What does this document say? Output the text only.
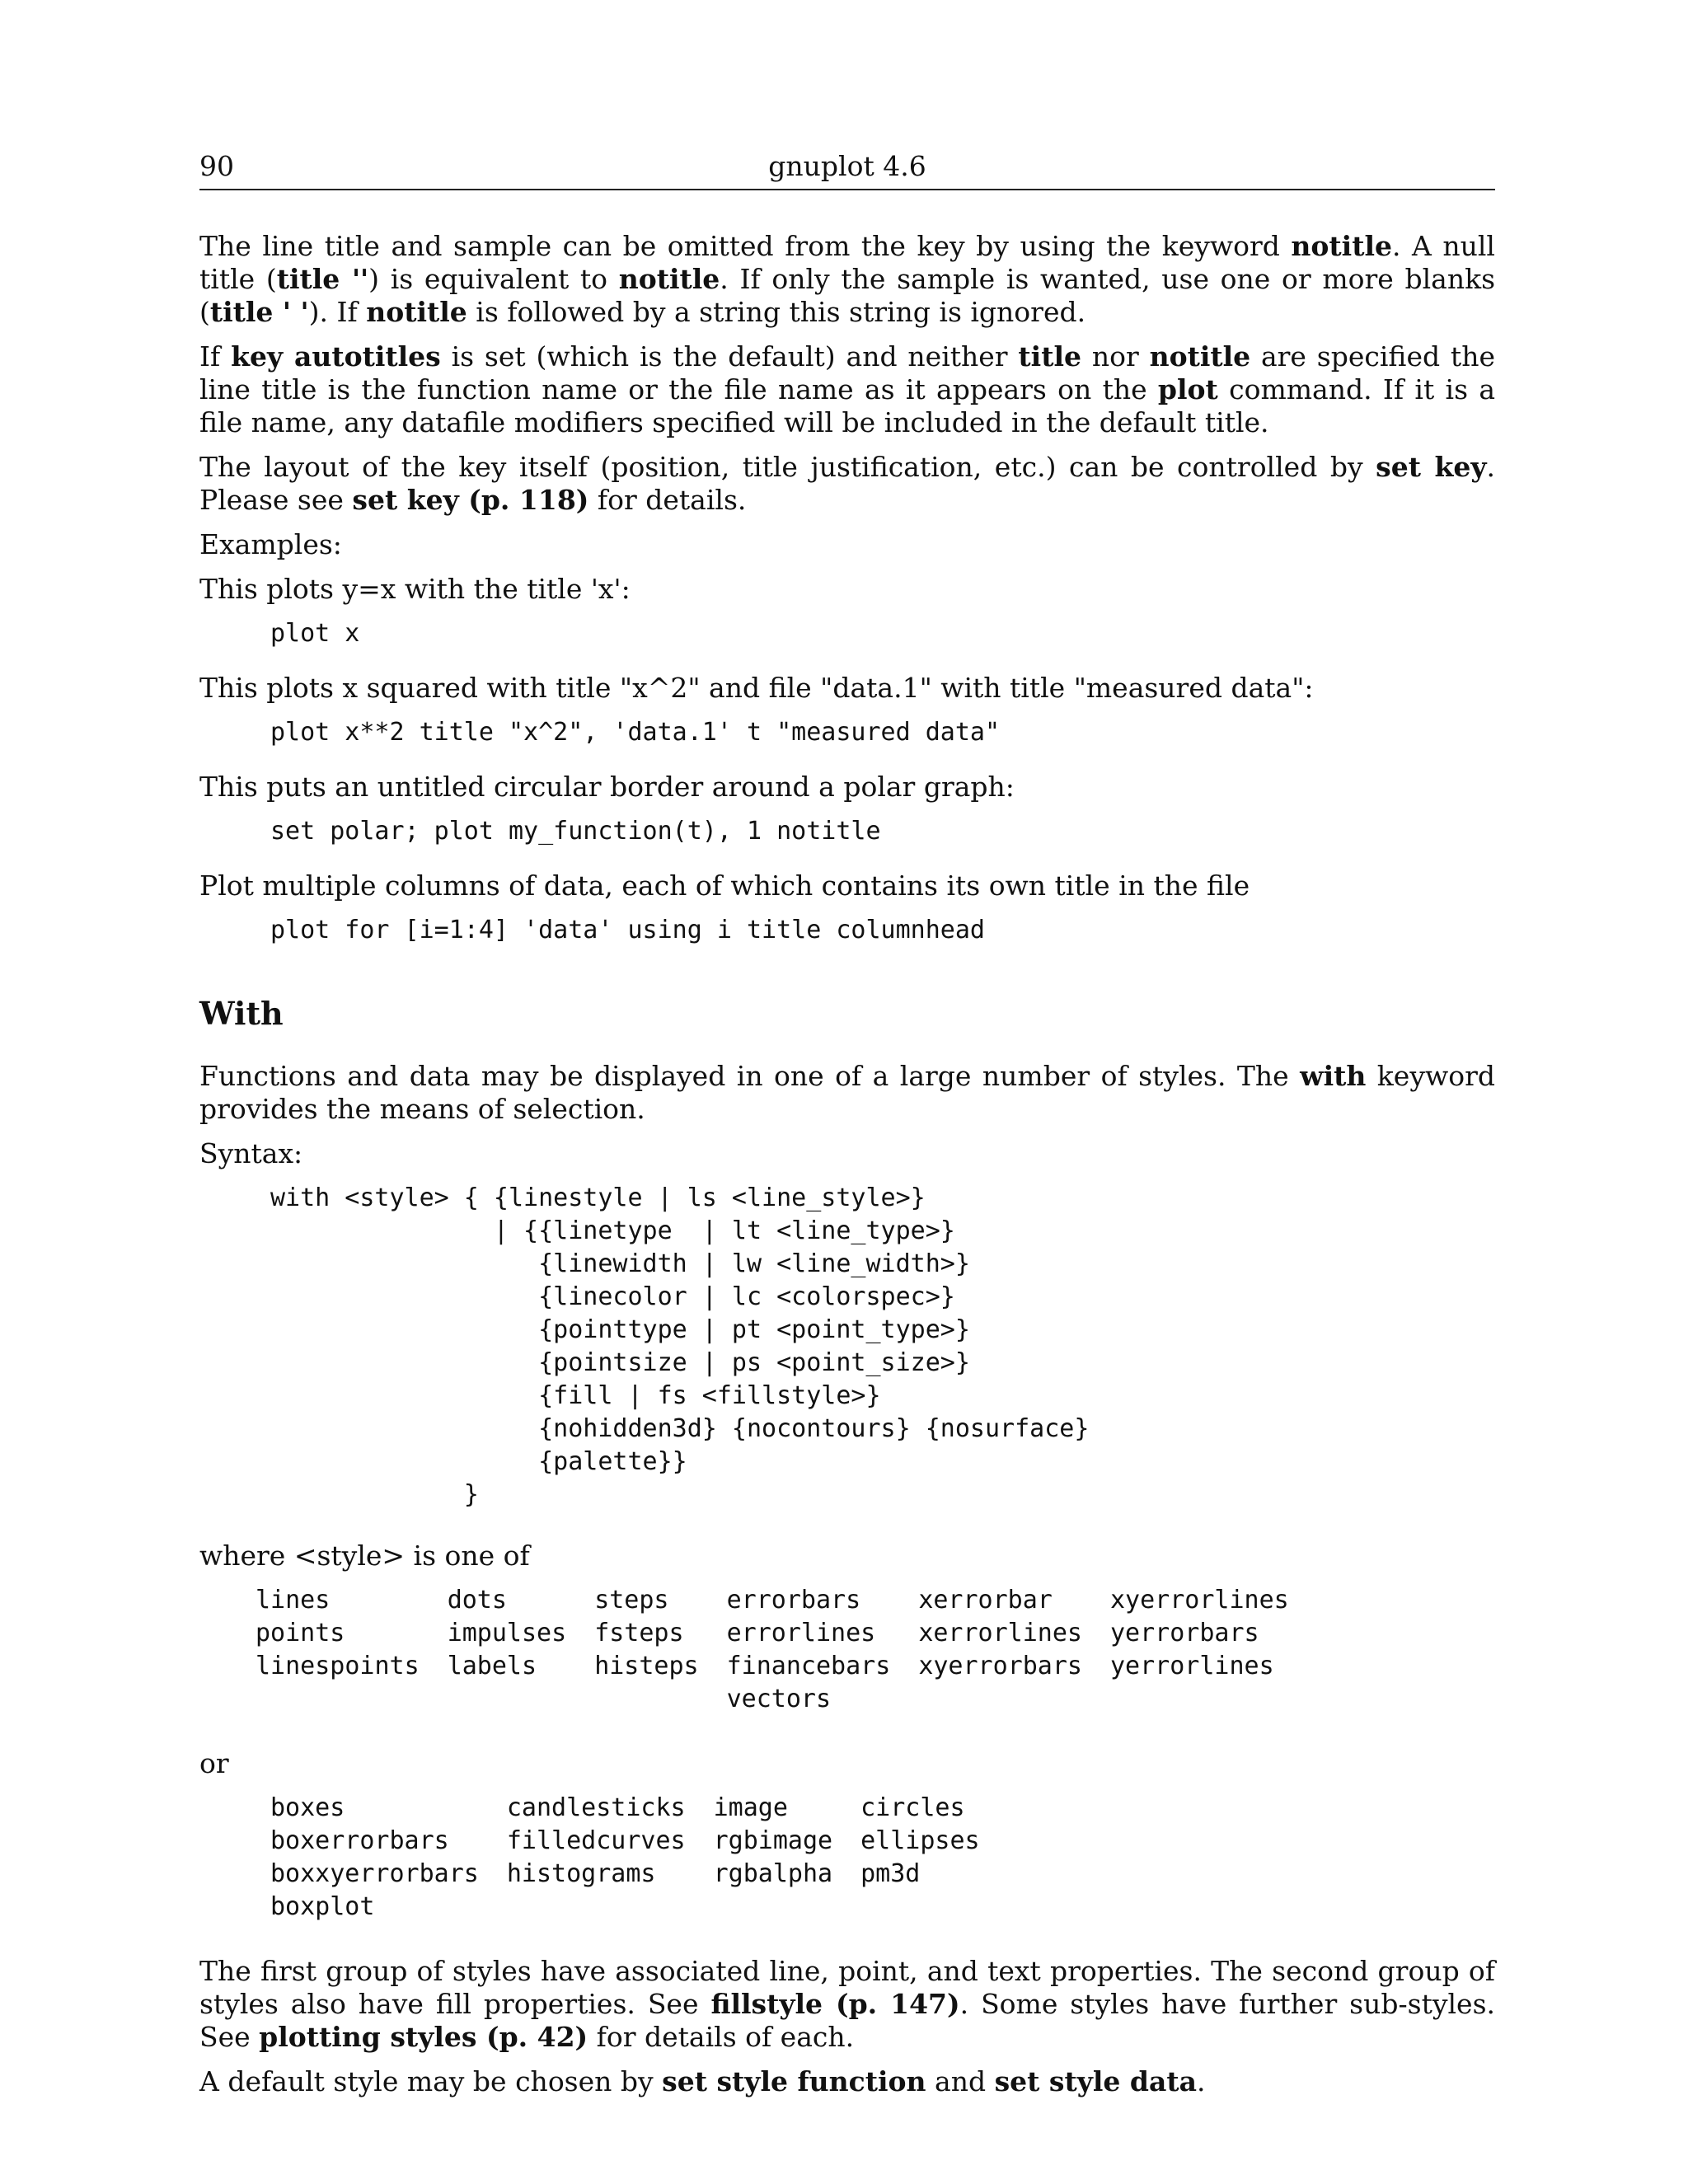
90	gnuplot 4.6

The line title and sample can be omitted from the key by using the keyword notitle. A null title (title '') is equivalent to notitle. If only the sample is wanted, use one or more blanks (title ' '). If notitle is followed by a string this string is ignored.

If key autotitles is set (which is the default) and neither title nor notitle are specified the line title is the function name or the file name as it appears on the plot command. If it is a file name, any datafile modifiers specified will be included in the default title.

The layout of the key itself (position, title justification, etc.) can be controlled by set key. Please see set key (p. 118) for details.

Examples:

This plots y=x with the title 'x':

plot x

This plots x squared with title "x^2" and file "data.1" with title "measured data":

plot x**2 title "x^2", 'data.1' t "measured data"

This puts an untitled circular border around a polar graph:

set polar; plot my_function(t), 1 notitle

Plot multiple columns of data, each of which contains its own title in the file

plot for [i=1:4] 'data' using i title columnhead
With

Functions and data may be displayed in one of a large number of styles. The with keyword provides the means of selection.

Syntax:

with <style> { {linestyle | ls <line_style>}
| {{linetype  | lt <line_type>}
{linewidth | lw <line_width>}
{linecolor | lc <colorspec>}
{pointtype | pt <point_type>}
{pointsize | ps <point_size>}
{fill | fs <fillstyle>}
{nohidden3d} {nocontours} {nosurface}
{palette}}
}

where <style> is one of

lines	dots	steps	errorbars	xerrorbar	xyerrorlines
points	impulses	fsteps	errorlines	xerrorlines	yerrorbars
linespoints	labels	histeps	financebars	xyerrorbars	yerrorlines
			vectors		

or

boxes	candlesticks	image	circles
boxerrorbars	filledcurves	rgbimage	ellipses
boxxyerrorbars	histograms	rgbalpha	pm3d
boxplot			

The first group of styles have associated line, point, and text properties. The second group of styles also have fill properties. See fillstyle (p. 147). Some styles have further sub-styles. See plotting styles (p. 42) for details of each.

A default style may be chosen by set style function and set style data.
